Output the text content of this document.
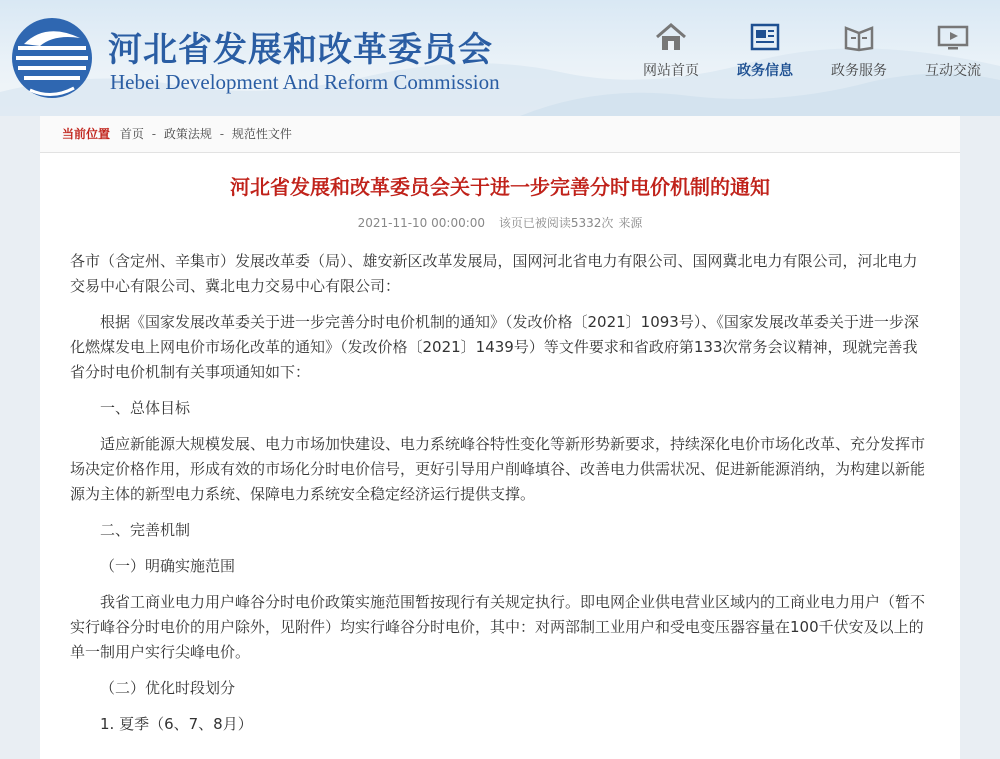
河北省发展和改革委员会
Hebei Development And Reform Commission	网站首页	政务信息	政务服务	互动交流
当前位置 首页 - 政策法规 - 规范性文件
河北省发展和改革委员会关于进一步完善分时电价机制的通知
2021-11-10 00:00:00 该页已被阅读5332次 来源

各市（含定州、辛集市）发展改革委（局）、雄安新区改革发展局，国网河北省电力有限公司、国网冀北电力有限公司，河北电力交易中心有限公司、冀北电力交易中心有限公司：

根据《国家发展改革委关于进一步完善分时电价机制的通知》（发改价格〔2021〕1093号）、《国家发展改革委关于进一步深化燃煤发电上网电价市场化改革的通知》（发改价格〔2021〕1439号）等文件要求和省政府第133次常务会议精神，现就完善我省分时电价机制有关事项通知如下：

一、总体目标

适应新能源大规模发展、电力市场加快建设、电力系统峰谷特性变化等新形势新要求，持续深化电价市场化改革、充分发挥市场决定价格作用，形成有效的市场化分时电价信号，更好引导用户削峰填谷、改善电力供需状况、促进新能源消纳，为构建以新能源为主体的新型电力系统、保障电力系统安全稳定经济运行提供支撑。

二、完善机制

（一）明确实施范围

我省工商业电力用户峰谷分时电价政策实施范围暂按现行有关规定执行。即电网企业供电营业区域内的工商业电力用户（暂不实行峰谷分时电价的用户除外，见附件）均实行峰谷分时电价，其中：对两部制工业用户和受电变压器容量在100千伏安及以上的单一制用户实行尖峰电价。

（二）优化时段划分

1. 夏季（6、7、8月）
